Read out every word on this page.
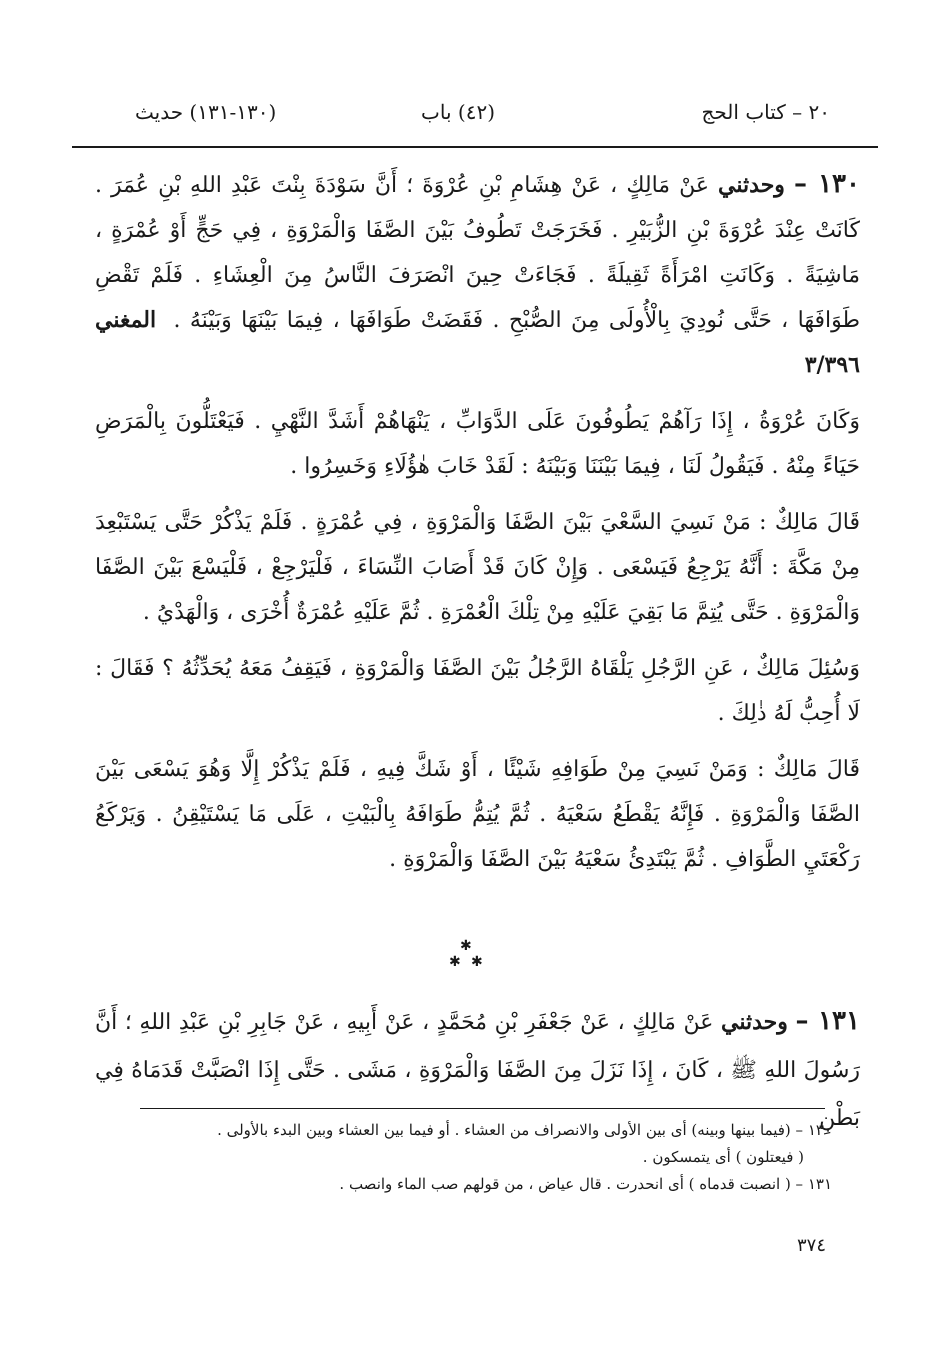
٢٠ – كتاب الحج
(٤٢) باب
(١٣٠-١٣١) حديث

١٣٠ – وحدثني عَنْ مَالِكٍ ، عَنْ هِشَامِ بْنِ عُرْوَةَ ؛ أَنَّ سَوْدَةَ بِنْتَ عَبْدِ اللهِ بْنِ عُمَرَ . كَانَتْ عِنْدَ عُرْوَةَ بْنِ الزُّبَيْرِ . فَخَرَجَتْ تَطُوفُ بَيْنَ الصَّفَا وَالْمَرْوَةِ ، فِي حَجٍّ أَوْ عُمْرَةٍ ، مَاشِيَةً . وَكَانَتِ امْرَأَةً ثَقِيلَةً . فَجَاءَتْ حِينَ انْصَرَفَ النَّاسُ مِنَ الْعِشَاءِ . فَلَمْ تَقْضِ طَوَافَهَا ، حَتَّى نُودِيَ بِالْأُولَى مِنَ الصُّبْحِ . فَقَضَتْ طَوَافَهَا ، فِيمَا بَيْنَهَا وَبَيْنَهُ . المغني ٣/٣٩٦

وَكَانَ عُرْوَةُ ، إِذَا رَآهُمْ يَطُوفُونَ عَلَى الدَّوَابِّ ، يَنْهَاهُمْ أَشَدَّ النَّهْيِ . فَيَعْتَلُّونَ بِالْمَرَضِ حَيَاءً مِنْهُ . فَيَقُولُ لَنَا ، فِيمَا بَيْنَنَا وَبَيْنَهُ : لَقَدْ خَابَ هٰؤُلَاءِ وَخَسِرُوا .

قَالَ مَالِكٌ : مَنْ نَسِيَ السَّعْيَ بَيْنَ الصَّفَا وَالْمَرْوَةِ ، فِي عُمْرَةٍ . فَلَمْ يَذْكُرْ حَتَّى يَسْتَبْعِدَ مِنْ مَكَّةَ : أَنَّهُ يَرْجِعُ فَيَسْعَى . وَإِنْ كَانَ قَدْ أَصَابَ النِّسَاءَ ، فَلْيَرْجِعْ ، فَلْيَسْعَ بَيْنَ الصَّفَا وَالْمَرْوَةِ . حَتَّى يُتِمَّ مَا بَقِيَ عَلَيْهِ مِنْ تِلْكَ الْعُمْرَةِ . ثُمَّ عَلَيْهِ عُمْرَةٌ أُخْرَى ، وَالْهَدْيُ .

وَسُئِلَ مَالِكٌ ، عَنِ الرَّجُلِ يَلْقَاهُ الرَّجُلُ بَيْنَ الصَّفَا وَالْمَرْوَةِ ، فَيَقِفُ مَعَهُ يُحَدِّثُهُ ؟ فَقَالَ : لَا أُحِبُّ لَهُ ذٰلِكَ .

قَالَ مَالِكٌ : وَمَنْ نَسِيَ مِنْ طَوَافِهِ شَيْئًا ، أَوْ شَكَّ فِيهِ ، فَلَمْ يَذْكُرْ إِلَّا وَهُوَ يَسْعَى بَيْنَ الصَّفَا وَالْمَرْوَةِ . فَإِنَّهُ يَقْطَعُ سَعْيَهُ . ثُمَّ يُتِمُّ طَوَافَهُ بِالْبَيْتِ ، عَلَى مَا يَسْتَيْقِنُ . وَيَرْكَعُ رَكْعَتَيِ الطَّوَافِ . ثُمَّ يَبْتَدِئُ سَعْيَهُ بَيْنَ الصَّفَا وَالْمَرْوَةِ .

✱
✱ ✱

١٣١ – وحدثني عَنْ مَالِكٍ ، عَنْ جَعْفَرِ بْنِ مُحَمَّدٍ ، عَنْ أَبِيهِ ، عَنْ جَابِرِ بْنِ عَبْدِ اللهِ ؛ أَنَّ رَسُولَ اللهِ ﷺ ، كَانَ ، إِذَا نَزَلَ مِنَ الصَّفَا وَالْمَرْوَةِ ، مَشَى . حَتَّى إِذَا انْصَبَّتْ قَدَمَاهُ فِي بَطْنِ

١٣٠ – (فيما بينها وبينه) أى بين الأولى والانصراف من العشاء . أو فيما بين العشاء وبين البدء بالأولى .

( فيعتلون ) أى يتمسكون .

١٣١ – ( انصبت قدماه ) أى انحدرت . قال عياض ، من قولهم صب الماء وانصب .

٣٧٤
